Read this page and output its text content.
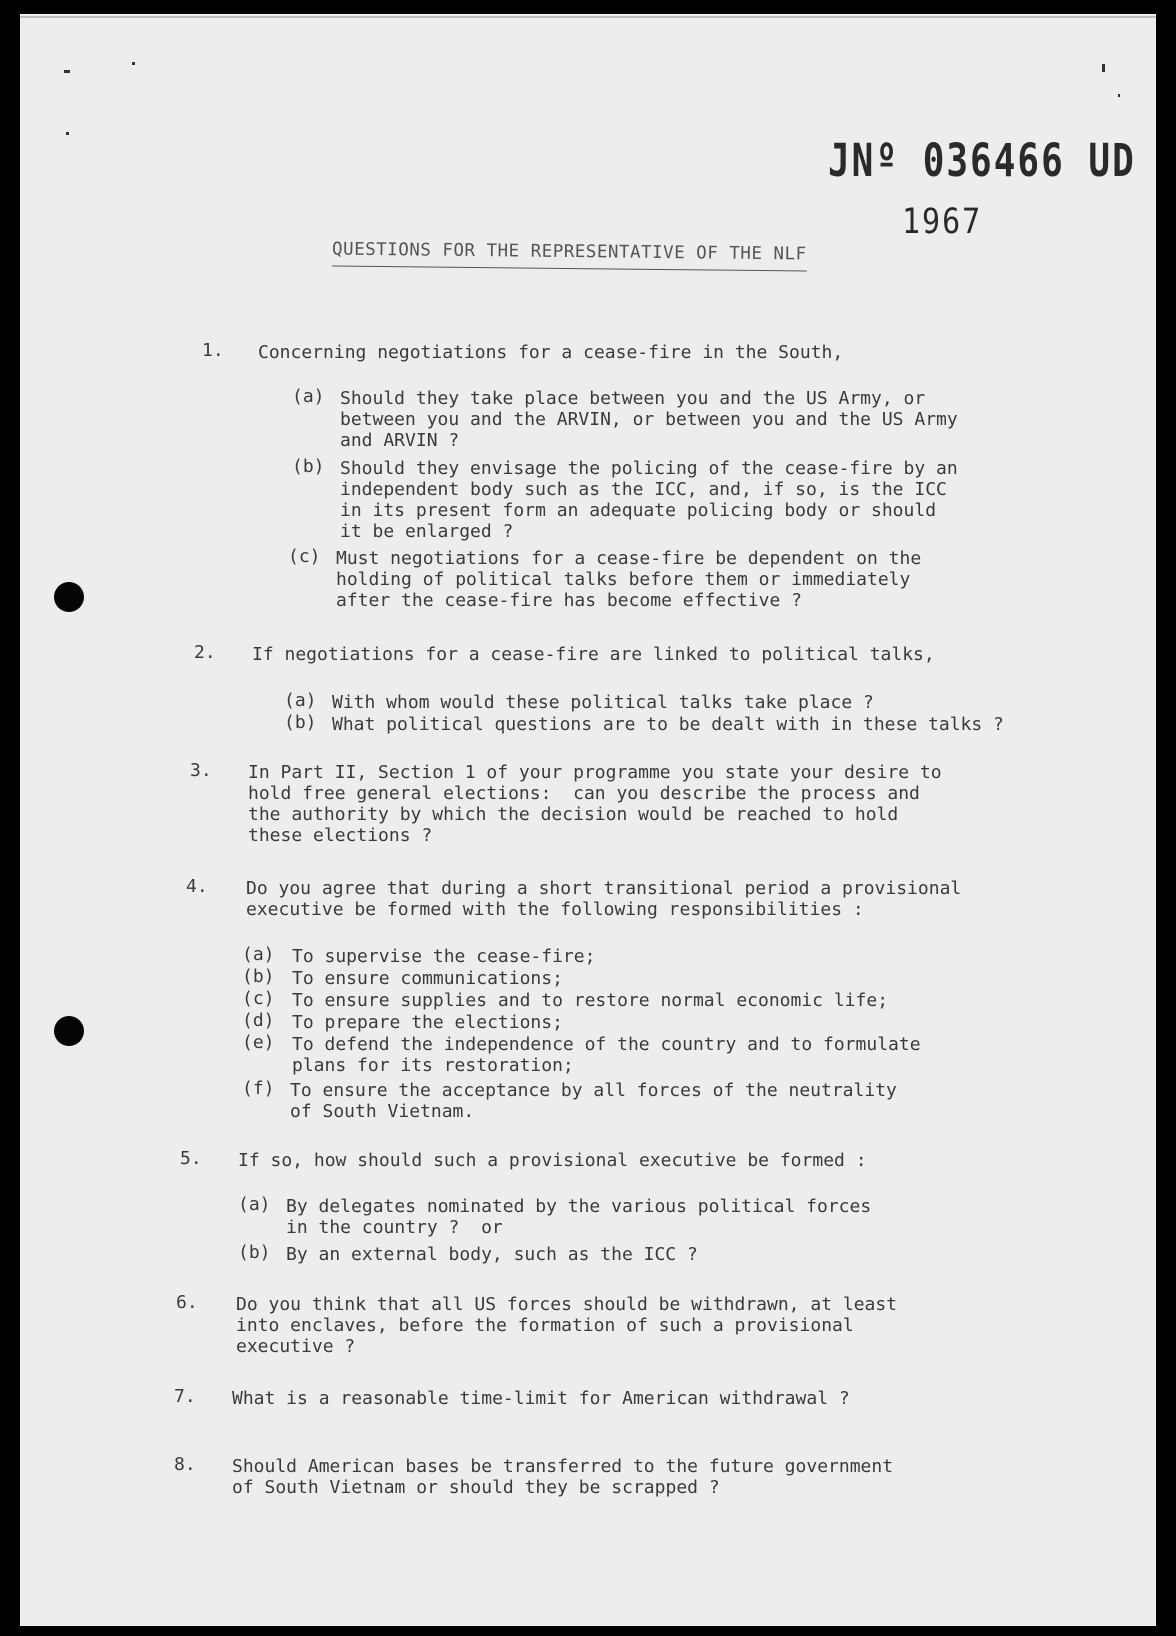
JNº 036466 UD
1967
QUESTIONS FOR THE REPRESENTATIVE OF THE NLF
1. Concerning negotiations for a cease-fire in the South,
(a) Should they take place between you and the US Army, or
between you and the ARVIN, or between you and the US Army
and ARVIN ?
(b) Should they envisage the policing of the cease-fire by an
independent body such as the ICC, and, if so, is the ICC
in its present form an adequate policing body or should
it be enlarged ?
(c) Must negotiations for a cease-fire be dependent on the
holding of political talks before them or immediately
after the cease-fire has become effective ?
2. If negotiations for a cease-fire are linked to political talks,
(a) With whom would these political talks take place ?
(b) What political questions are to be dealt with in these talks ?
3. In Part II, Section 1 of your programme you state your desire to
hold free general elections:  can you describe the process and
the authority by which the decision would be reached to hold
these elections ?
4. Do you agree that during a short transitional period a provisional
executive be formed with the following responsibilities :
(a) To supervise the cease-fire;
(b) To ensure communications;
(c) To ensure supplies and to restore normal economic life;
(d) To prepare the elections;
(e) To defend the independence of the country and to formulate
plans for its restoration;
(f) To ensure the acceptance by all forces of the neutrality
of South Vietnam.
5. If so, how should such a provisional executive be formed :
(a) By delegates nominated by the various political forces
in the country ?  or
(b) By an external body, such as the ICC ?
6. Do you think that all US forces should be withdrawn, at least
into enclaves, before the formation of such a provisional
executive ?
7. What is a reasonable time-limit for American withdrawal ?
8. Should American bases be transferred to the future government
of South Vietnam or should they be scrapped ?
